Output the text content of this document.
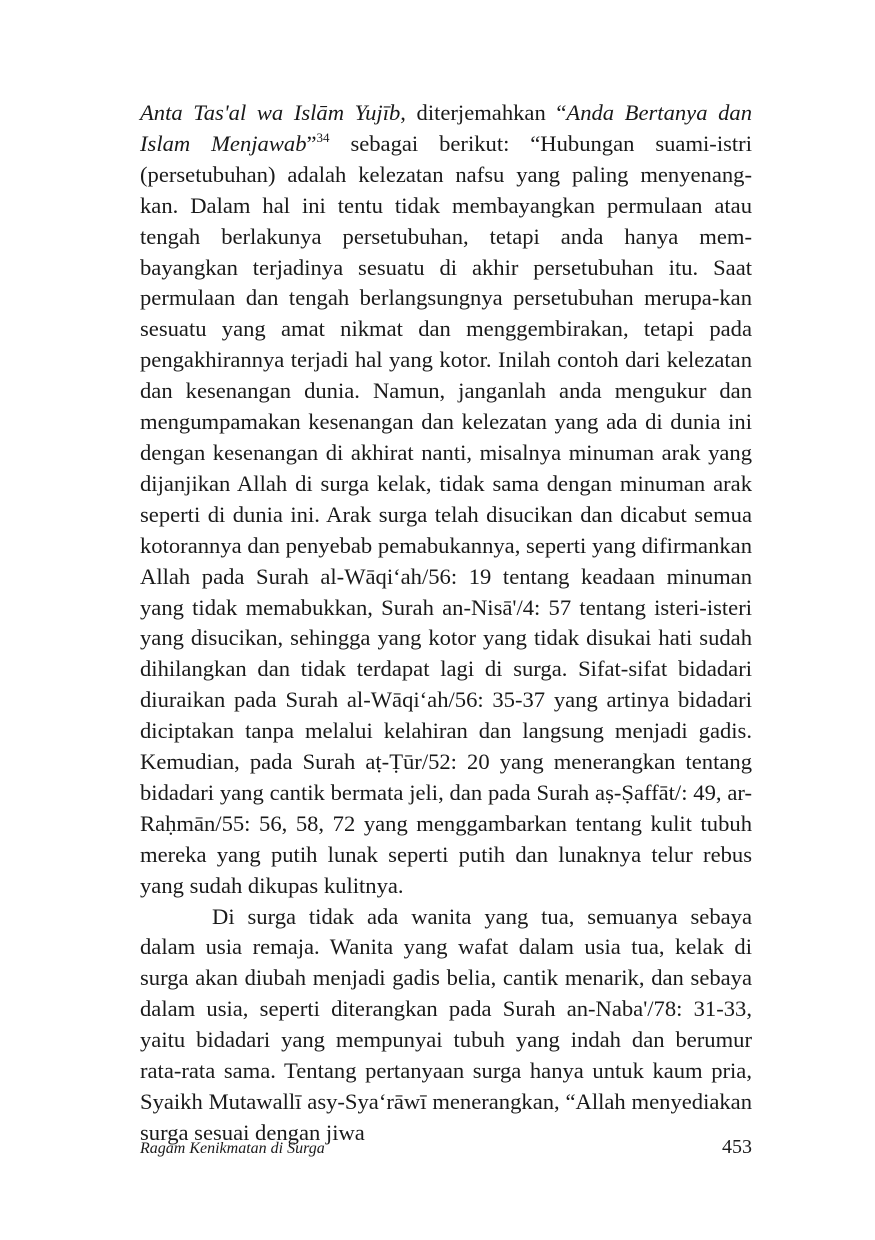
Anta Tas'al wa Islām Yujīb, diterjemahkan “Anda Bertanya dan Islam Menjawab”$^{34}$ sebagai berikut: “Hubungan suami-istri (persetubuhan) adalah kelezatan nafsu yang paling menyenang-kan. Dalam hal ini tentu tidak membayangkan permulaan atau tengah berlakunya persetubuhan, tetapi anda hanya mem-bayangkan terjadinya sesuatu di akhir persetubuhan itu. Saat permulaan dan tengah berlangsungnya persetubuhan merupa-kan sesuatu yang amat nikmat dan menggembirakan, tetapi pada pengakhirannya terjadi hal yang kotor. Inilah contoh dari kelezatan dan kesenangan dunia. Namun, janganlah anda mengukur dan mengumpamakan kesenangan dan kelezatan yang ada di dunia ini dengan kesenangan di akhirat nanti, misalnya minuman arak yang dijanjikan Allah di surga kelak, tidak sama dengan minuman arak seperti di dunia ini. Arak surga telah disucikan dan dicabut semua kotorannya dan penyebab pemabukannya, seperti yang difirmankan Allah pada Surah al-Wāqi‘ah/56: 19 tentang keadaan minuman yang tidak memabukkan, Surah an-Nisā'/4: 57 tentang isteri-isteri yang disucikan, sehingga yang kotor yang tidak disukai hati sudah dihilangkan dan tidak terdapat lagi di surga. Sifat-sifat bidadari diuraikan pada Surah al-Wāqi‘ah/56: 35-37 yang artinya bidadari diciptakan tanpa melalui kelahiran dan langsung menjadi gadis. Kemudian, pada Surah aṭ-Ṭūr/52: 20 yang menerangkan tentang bidadari yang cantik bermata jeli, dan pada Surah aṣ-Ṣaffāt/: 49, ar-Raḥmān/55: 56, 58, 72 yang menggambarkan tentang kulit tubuh mereka yang putih lunak seperti putih dan lunaknya telur rebus yang sudah dikupas kulitnya.

Di surga tidak ada wanita yang tua, semuanya sebaya dalam usia remaja. Wanita yang wafat dalam usia tua, kelak di surga akan diubah menjadi gadis belia, cantik menarik, dan sebaya dalam usia, seperti diterangkan pada Surah an-Naba'/78: 31-33, yaitu bidadari yang mempunyai tubuh yang indah dan berumur rata-rata sama. Tentang pertanyaan surga hanya untuk kaum pria, Syaikh Mutawallī asy-Sya‘rāwī menerangkan, “Allah menyediakan surga sesuai dengan jiwa

Ragam Kenikmatan di Surga	453
